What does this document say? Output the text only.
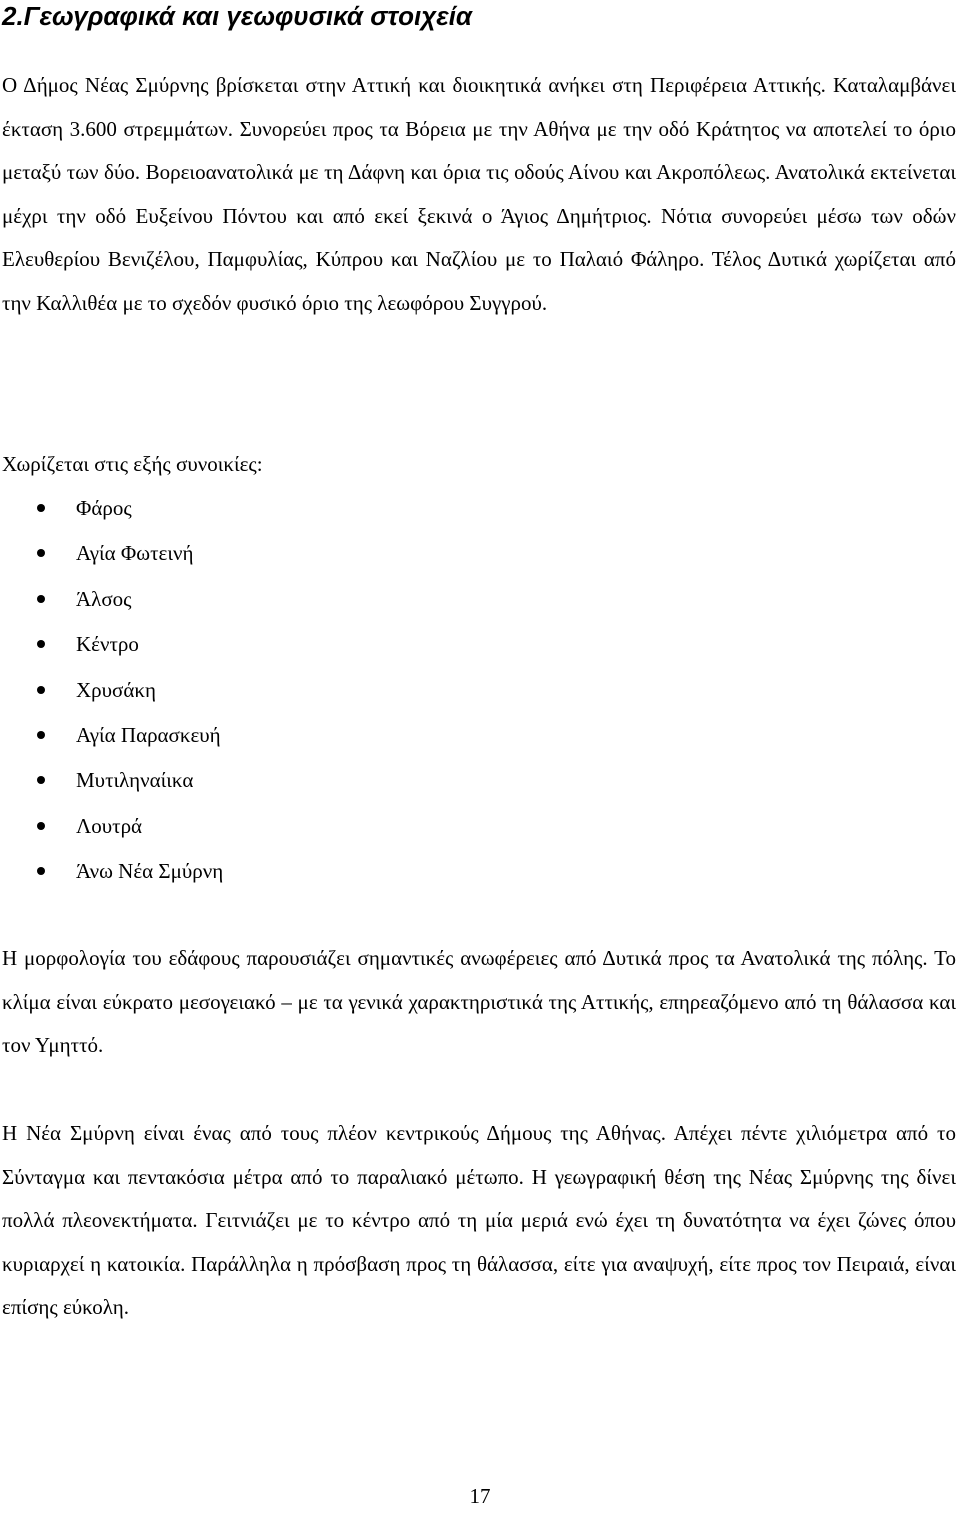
2.Γεωγραφικά και γεωφυσικά στοιχεία

Ο Δήμος Νέας Σμύρνης βρίσκεται στην Αττική και διοικητικά ανήκει στη Περιφέρεια Αττικής. Καταλαμβάνει έκταση 3.600 στρεμμάτων. Συνορεύει προς τα Βόρεια με την Αθήνα με την οδό Κράτητος να αποτελεί το όριο μεταξύ των δύο. Βορειοανατολικά με τη Δάφνη και όρια τις οδούς Αίνου και Ακροπόλεως. Ανατολικά εκτείνεται μέχρι την οδό Ευξείνου Πόντου και από εκεί ξεκινά ο Άγιος Δημήτριος. Νότια συνορεύει μέσω των οδών Ελευθερίου Βενιζέλου, Παμφυλίας, Κύπρου και Ναζλίου με το Παλαιό Φάληρο. Τέλος Δυτικά χωρίζεται από την Καλλιθέα με το σχεδόν φυσικό όριο της λεωφόρου Συγγρού.

Χωρίζεται στις εξής συνοικίες:

Φάρος
Αγία Φωτεινή
Άλσος
Κέντρο
Χρυσάκη
Αγία Παρασκευή
Μυτιληναίικα
Λουτρά
Άνω Νέα Σμύρνη

Η μορφολογία του εδάφους παρουσιάζει σημαντικές ανωφέρειες από Δυτικά προς τα Ανατολικά της πόλης. Το κλίμα είναι εύκρατο μεσογειακό – με τα γενικά χαρακτηριστικά της Αττικής, επηρεαζόμενο από τη θάλασσα και τον Υμηττό.

Η Νέα Σμύρνη είναι ένας από τους πλέον κεντρικούς Δήμους της Αθήνας. Απέχει πέντε χιλιόμετρα από το Σύνταγμα και πεντακόσια μέτρα από το παραλιακό μέτωπο. Η γεωγραφική θέση της Νέας Σμύρνης της δίνει πολλά πλεονεκτήματα. Γειτνιάζει με το κέντρο από τη μία μεριά ενώ έχει τη δυνατότητα να έχει ζώνες όπου κυριαρχεί η κατοικία. Παράλληλα η πρόσβαση προς τη θάλασσα, είτε για αναψυχή, είτε προς τον Πειραιά, είναι επίσης εύκολη.

17
